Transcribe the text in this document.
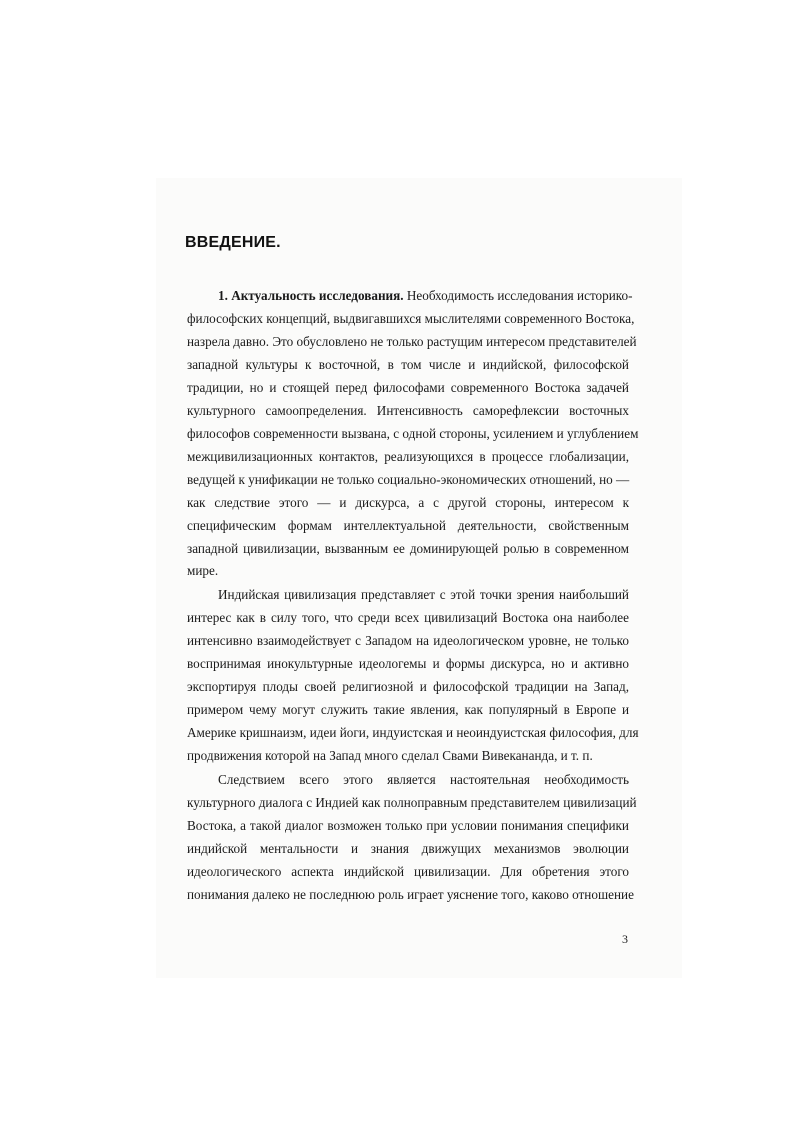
ВВЕДЕНИЕ.
1. Актуальность исследования. Необходимость исследования историко-
философских концепций, выдвигавшихся мыслителями современного Востока,
назрела давно. Это обусловлено не только растущим интересом представителей
западной культуры к восточной, в том числе и индийской, философской
традиции, но и стоящей перед философами современного Востока задачей
культурного самоопределения. Интенсивность саморефлексии восточных
философов современности вызвана, с одной стороны, усилением и углублением
межцивилизационных контактов, реализующихся в процессе глобализации,
ведущей к унификации не только социально-экономических отношений, но —
как следствие этого — и дискурса, а с другой стороны, интересом к
специфическим формам интеллектуальной деятельности, свойственным
западной цивилизации, вызванным ее доминирующей ролью в современном
мире.
Индийская цивилизация представляет с этой точки зрения наибольший
интерес как в силу того, что среди всех цивилизаций Востока она наиболее
интенсивно взаимодействует с Западом на идеологическом уровне, не только
воспринимая инокультурные идеологемы и формы дискурса, но и активно
экспортируя плоды своей религиозной и философской традиции на Запад,
примером чему могут служить такие явления, как популярный в Европе и
Америке кришнаизм, идеи йоги, индуистская и неоиндуистская философия, для
продвижения которой на Запад много сделал Свами Вивекананда, и т. п.
Следствием всего этого является настоятельная необходимость
культурного диалога с Индией как полноправным представителем цивилизаций
Востока, а такой диалог возможен только при условии понимания специфики
индийской ментальности и знания движущих механизмов эволюции
идеологического аспекта индийской цивилизации. Для обретения этого
понимания далеко не последнюю роль играет уяснение того, каково отношение
3
